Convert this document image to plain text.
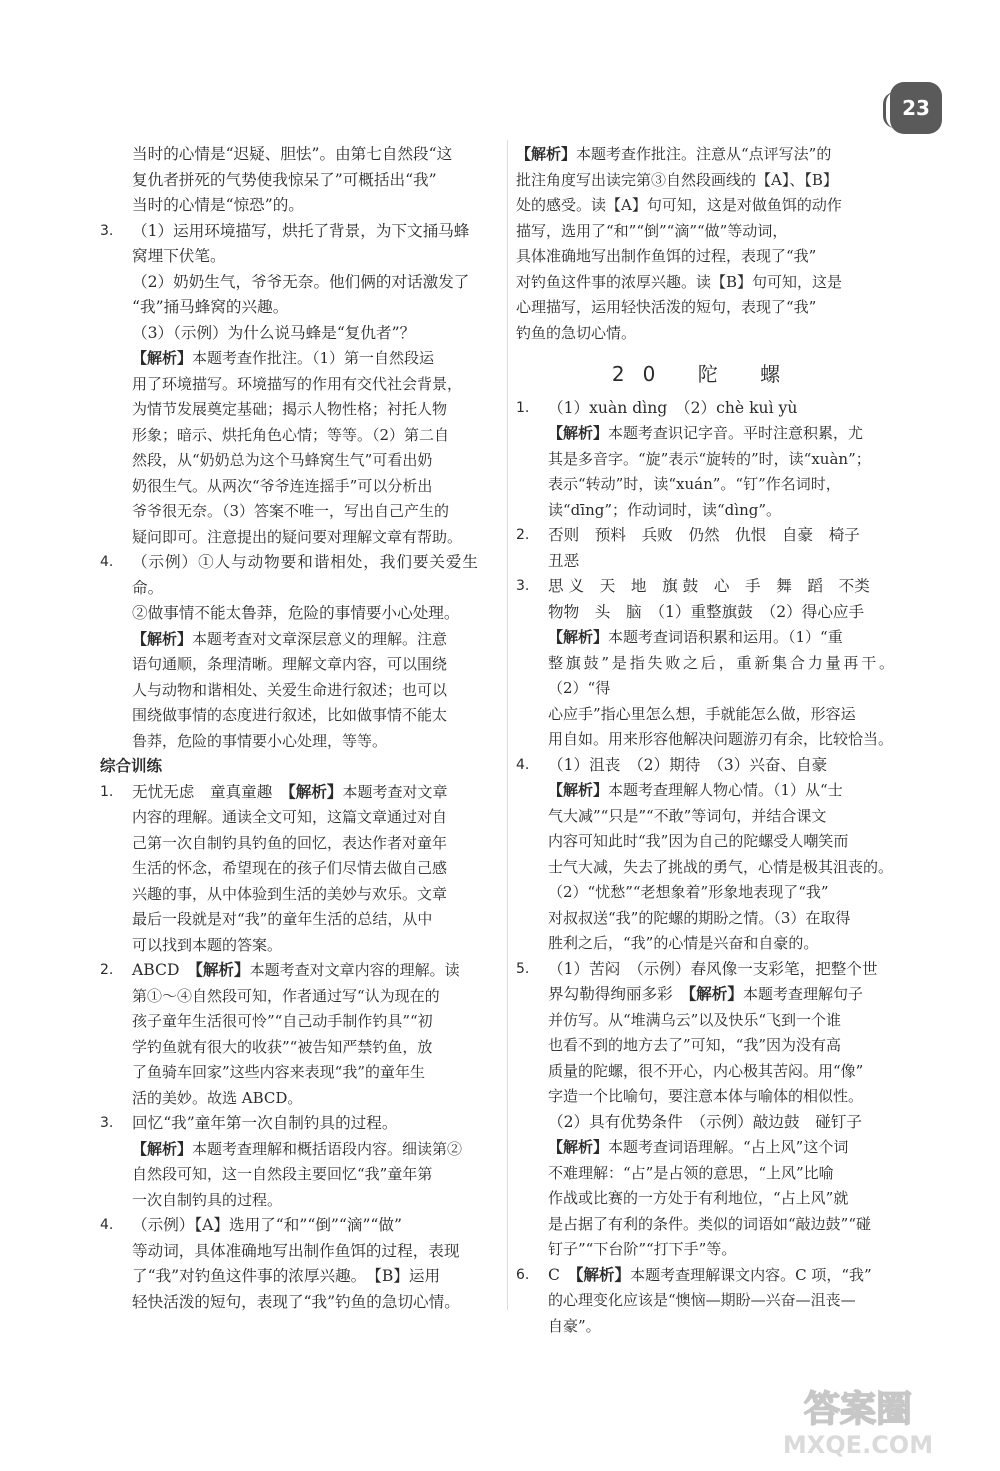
23
当时的心情是“迟疑、胆怯”。由第七自然段“这
复仇者拼死的气势使我惊呆了”可概括出“我”
当时的心情是“惊恐”的。
3.	（1）运用环境描写，烘托了背景，为下文捅马蜂
窝埋下伏笔。
（2）奶奶生气，爷爷无奈。他们俩的对话激发了
“我”捅马蜂窝的兴趣。
（3）（示例）为什么说马蜂是“复仇者”？
【解析】本题考查作批注。（1）第一自然段运
用了环境描写。环境描写的作用有交代社会背景，
为情节发展奠定基础；揭示人物性格；衬托人物
形象；暗示、烘托角色心情；等等。（2）第二自
然段，从“奶奶总为这个马蜂窝生气”可看出奶
奶很生气。从两次“爷爷连连摇手”可以分析出
爷爷很无奈。（3）答案不唯一，写出自己产生的
疑问即可。注意提出的疑问要对理解文章有帮助。
4.	（示例）①人与动物要和谐相处，我们要关爱生命。
②做事情不能太鲁莽，危险的事情要小心处理。
【解析】本题考查对文章深层意义的理解。注意
语句通顺，条理清晰。理解文章内容，可以围绕
人与动物和谐相处、关爱生命进行叙述；也可以
围绕做事情的态度进行叙述，比如做事情不能太
鲁莽，危险的事情要小心处理，等等。
综合训练
1.	无忧无虑　童真童趣　【解析】本题考查对文章
内容的理解。通读全文可知，这篇文章通过对自
己第一次自制钓具钓鱼的回忆，表达作者对童年
生活的怀念，希望现在的孩子们尽情去做自己感
兴趣的事，从中体验到生活的美妙与欢乐。文章
最后一段就是对“我”的童年生活的总结，从中
可以找到本题的答案。
2.	ABCD　【解析】本题考查对文章内容的理解。读
第①～④自然段可知，作者通过写“认为现在的
孩子童年生活很可怜”“自己动手制作钓具”“初
学钓鱼就有很大的收获”“被告知严禁钓鱼，放
了鱼骑车回家”这些内容来表现“我”的童年生
活的美妙。故选 ABCD。
3.	回忆“我”童年第一次自制钓具的过程。
【解析】本题考查理解和概括语段内容。细读第②
自然段可知，这一自然段主要回忆“我”童年第
一次自制钓具的过程。
4.	（示例）【A】选用了“和”“倒”“滴”“做”
等动词，具体准确地写出制作鱼饵的过程，表现
了“我”对钓鱼这件事的浓厚兴趣。　【B】运用
轻快活泼的短句，表现了“我”钓鱼的急切心情。
【解析】本题考查作批注。注意从“点评写法”的
批注角度写出读完第③自然段画线的【A】、【B】
处的感受。读【A】句可知，这是对做鱼饵的动作
描写，选用了“和”“倒”“滴”“做”等动词，
具体准确地写出制作鱼饵的过程，表现了“我”
对钓鱼这件事的浓厚兴趣。读【B】句可知，这是
心理描写，运用轻快活泼的短句，表现了“我”
钓鱼的急切心情。
20 陀 螺
1.	（1）xuàn dìng　（2）chè kuì yù
【解析】本题考查识记字音。平时注意积累，尤
其是多音字。“旋”表示“旋转的”时，读“xuàn”；
表示“转动”时，读“xuán”。“钉”作名词时，
读“dīng”；作动词时，读“dìng”。
2.	否则　预料　兵败　仍然　仇恨　自豪　椅子
丑恶
3.	思 义　天　地　旗 鼓　心　手　舞　蹈　不类
物物　头　脑　（1）重整旗鼓　（2）得心应手
【解析】本题考查词语积累和运用。（1）“重
整旗鼓”是指失败之后，重新集合力量再干。（2）“得
心应手”指心里怎么想，手就能怎么做，形容运
用自如。用来形容他解决问题游刃有余，比较恰当。
4.	（1）沮丧　（2）期待　（3）兴奋、自豪
【解析】本题考查理解人物心情。（1）从“士
气大减”“只是”“不敢”等词句，并结合课文
内容可知此时“我”因为自己的陀螺受人嘲笑而
士气大减，失去了挑战的勇气，心情是极其沮丧的。
（2）“忧愁”“老想象着”形象地表现了“我”
对叔叔送“我”的陀螺的期盼之情。（3）在取得
胜利之后，“我”的心情是兴奋和自豪的。
5.	（1）苦闷　（示例）春风像一支彩笔，把整个世
界勾勒得绚丽多彩　【解析】本题考查理解句子
并仿写。从“堆满乌云”以及快乐“飞到一个谁
也看不到的地方去了”可知，“我”因为没有高
质量的陀螺，很不开心，内心极其苦闷。用“像”
字造一个比喻句，要注意本体与喻体的相似性。
（2）具有优势条件　（示例）敲边鼓　碰钉子
【解析】本题考查词语理解。“占上风”这个词
不难理解：“占”是占领的意思，“上风”比喻
作战或比赛的一方处于有利地位，“占上风”就
是占据了有利的条件。类似的词语如“敲边鼓”“碰
钉子”“下台阶”“打下手”等。
6.	C　【解析】本题考查理解课文内容。C 项，“我”
的心理变化应该是“懊恼—期盼—兴奋—沮丧—
自豪”。
答案圈
MXQE.COM
